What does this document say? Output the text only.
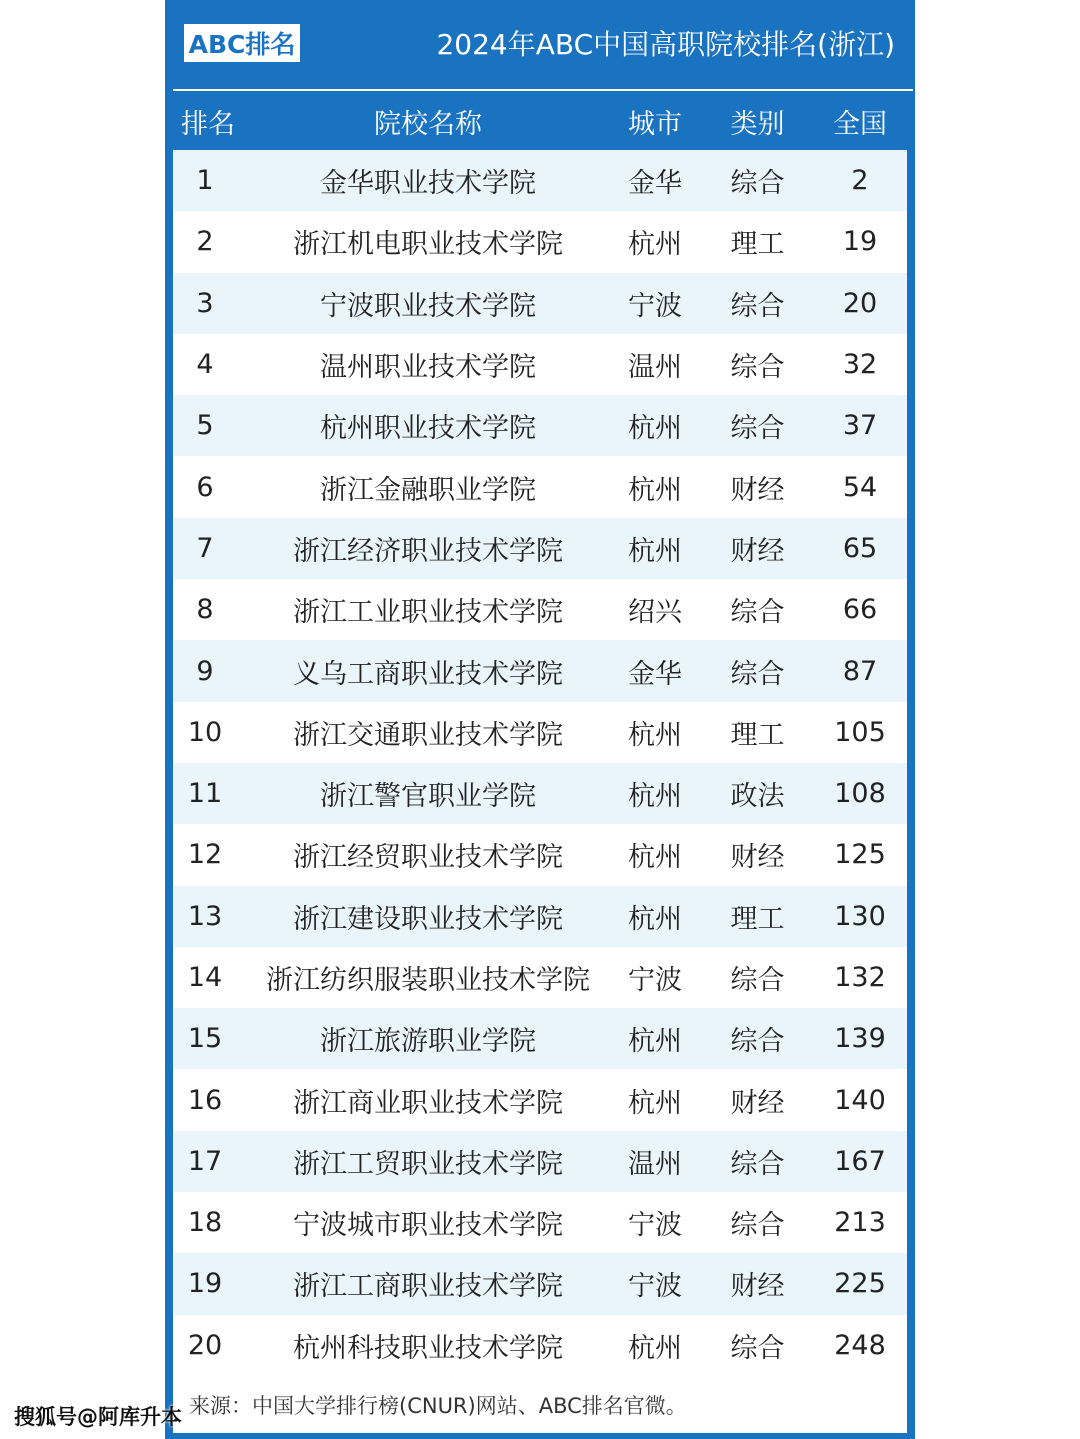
ABC排名	2024年ABC中国高职院校排名(浙江)
排名	院校名称	城市	类别	全国
1	金华职业技术学院	金华	综合	2
2	浙江机电职业技术学院	杭州	理工	19
3	宁波职业技术学院	宁波	综合	20
4	温州职业技术学院	温州	综合	32
5	杭州职业技术学院	杭州	综合	37
6	浙江金融职业学院	杭州	财经	54
7	浙江经济职业技术学院	杭州	财经	65
8	浙江工业职业技术学院	绍兴	综合	66
9	义乌工商职业技术学院	金华	综合	87
10	浙江交通职业技术学院	杭州	理工	105
11	浙江警官职业学院	杭州	政法	108
12	浙江经贸职业技术学院	杭州	财经	125
13	浙江建设职业技术学院	杭州	理工	130
14	浙江纺织服装职业技术学院	宁波	综合	132
15	浙江旅游职业学院	杭州	综合	139
16	浙江商业职业技术学院	杭州	财经	140
17	浙江工贸职业技术学院	温州	综合	167
18	宁波城市职业技术学院	宁波	综合	213
19	浙江工商职业技术学院	宁波	财经	225
20	杭州科技职业技术学院	杭州	综合	248
来源：中国大学排行榜(CNUR)网站、ABC排名官微。
搜狐号@阿库升本
